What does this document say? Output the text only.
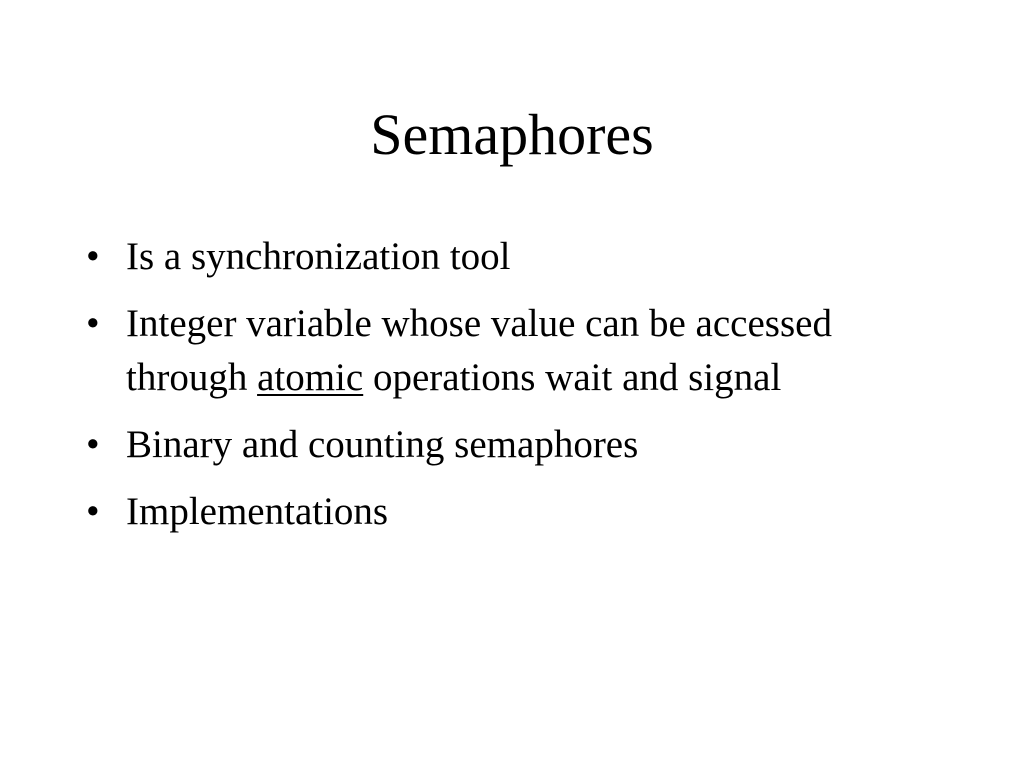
Semaphores
• Is a synchronization tool
• Integer variable whose value can be accessed through atomic operations wait and signal
• Binary and counting semaphores
• Implementations
